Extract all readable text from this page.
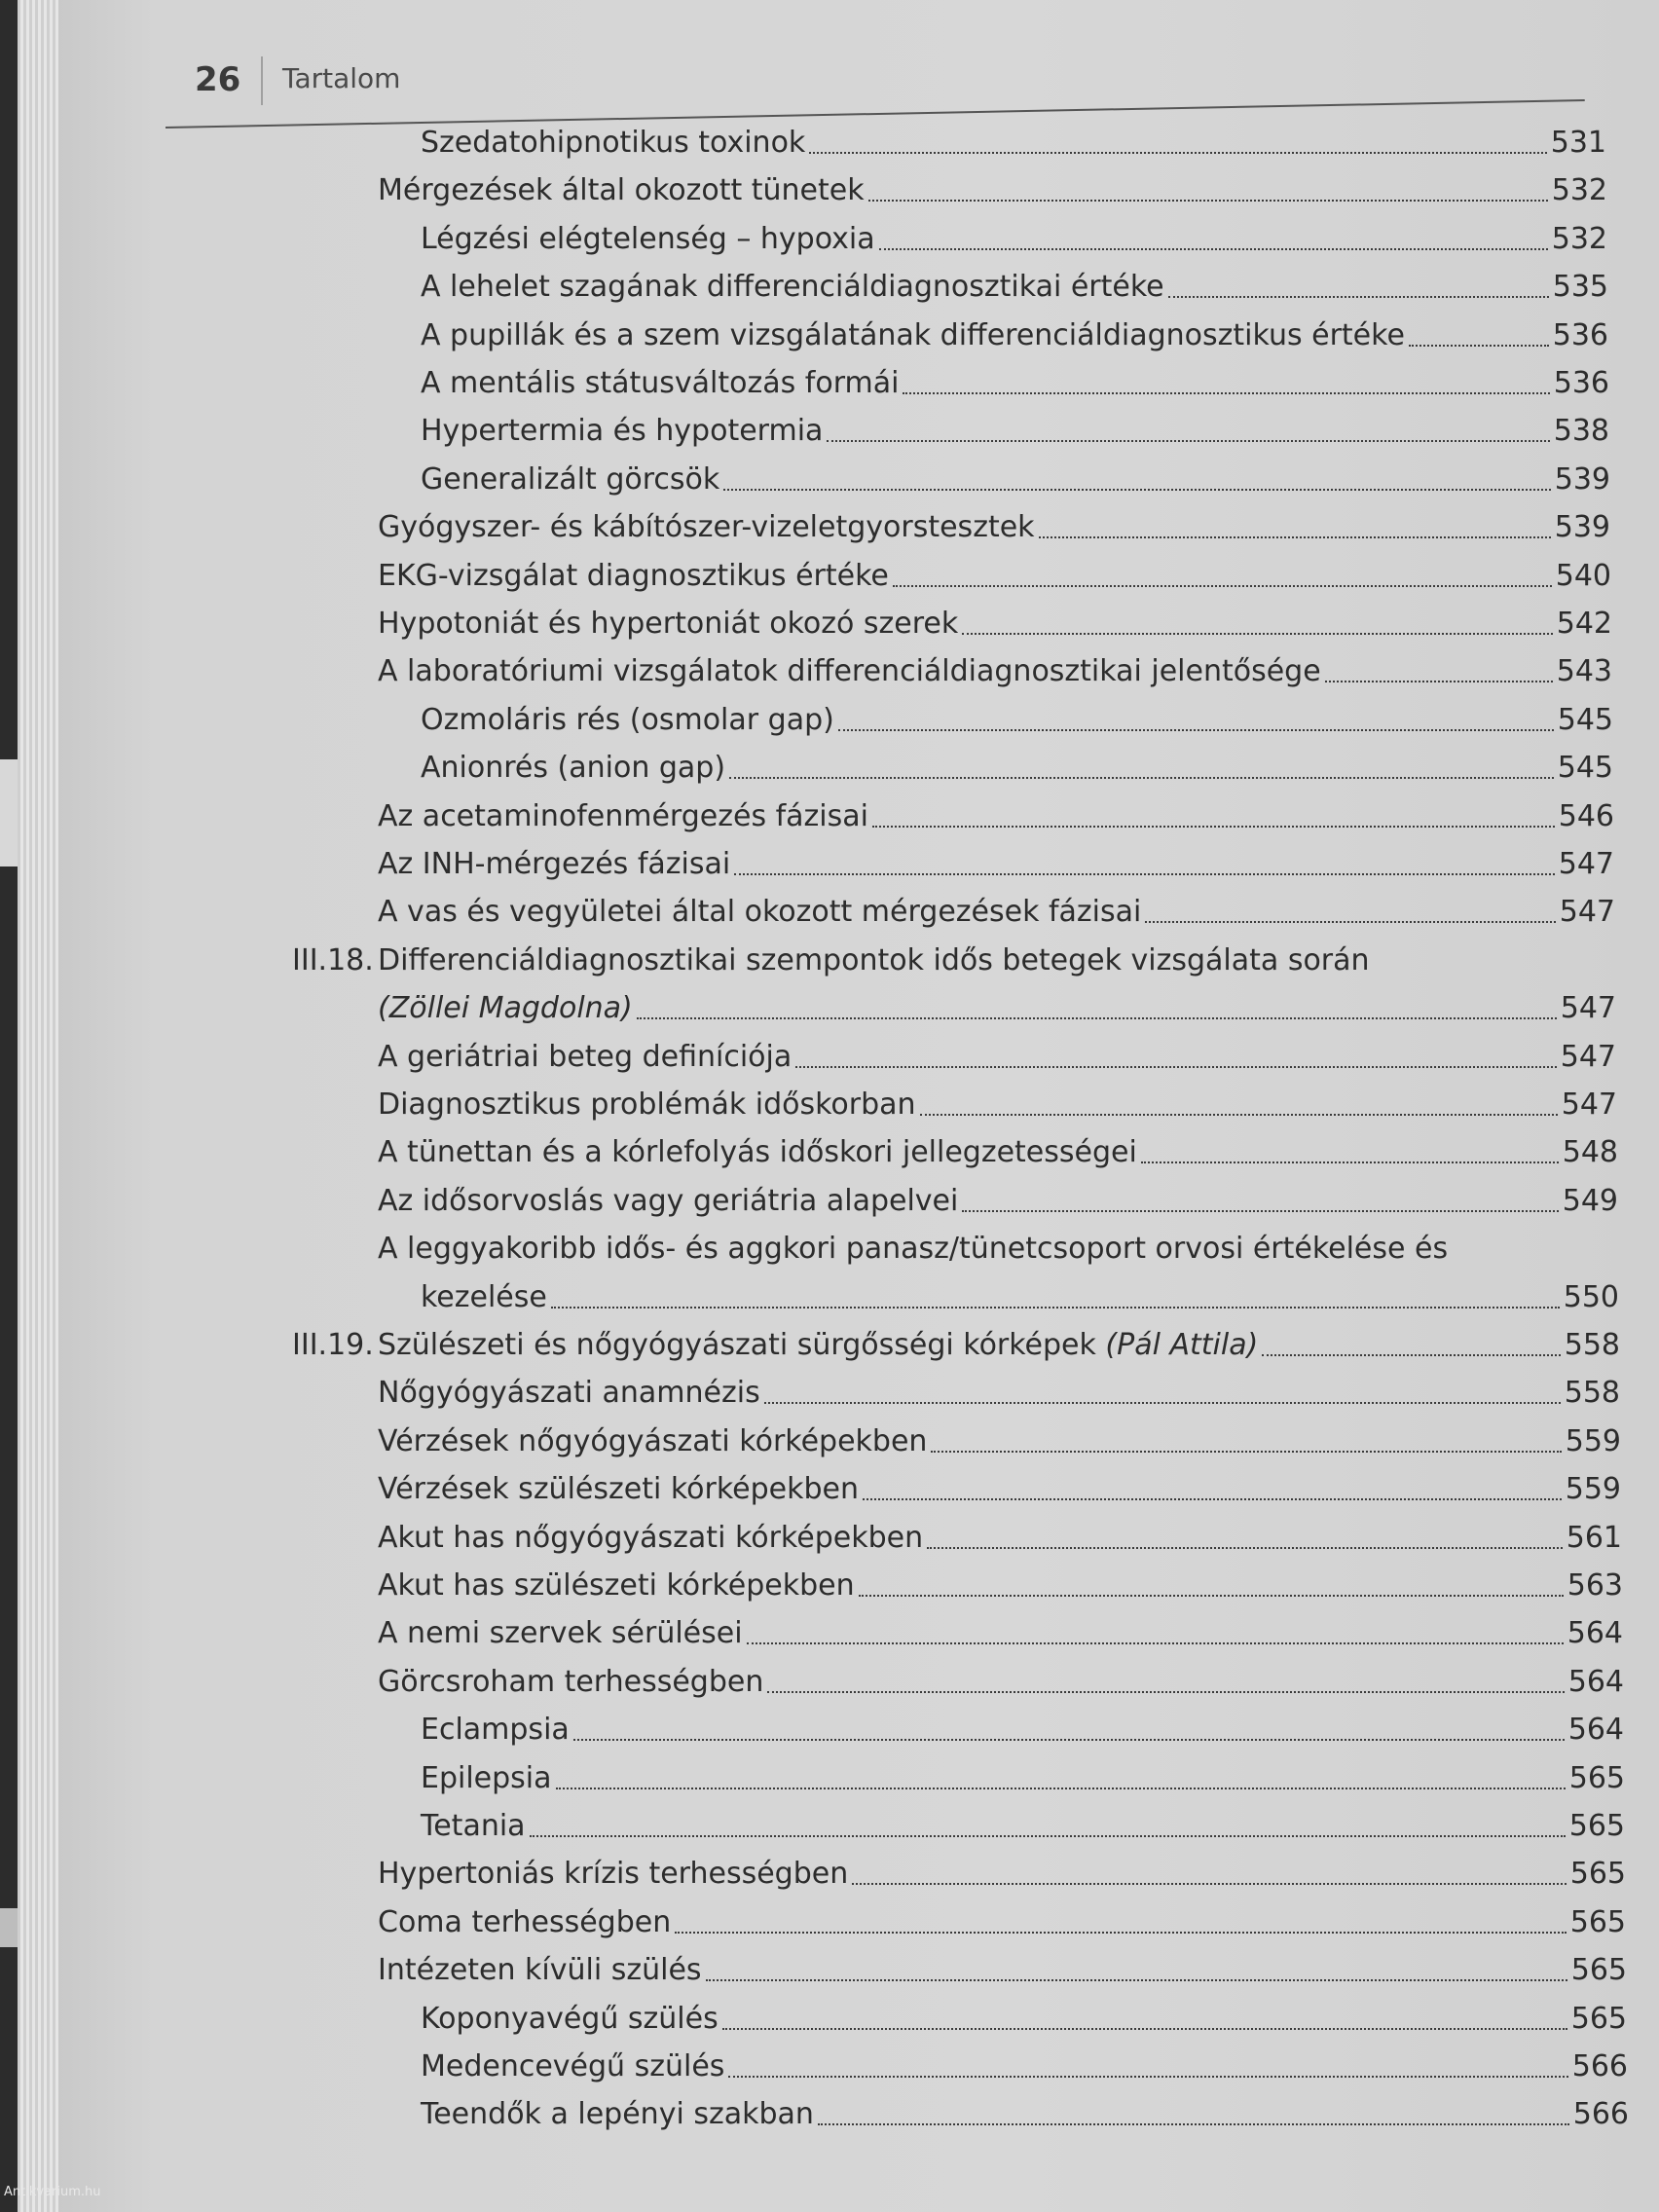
26 Tartalom
Szedatohipnotikus toxinok	531
Mérgezések által okozott tünetek	532
Légzési elégtelenség – hypoxia	532
A lehelet szagának differenciáldiagnosztikai értéke	535
A pupillák és a szem vizsgálatának differenciáldiagnosztikus értéke	536
A mentális státusváltozás formái	536
Hypertermia és hypotermia	538
Generalizált görcsök	539
Gyógyszer- és kábítószer-vizeletgyorstesztek	539
EKG-vizsgálat diagnosztikus értéke	540
Hypotoniát és hypertoniát okozó szerek	542
A laboratóriumi vizsgálatok differenciáldiagnosztikai jelentősége	543
Ozmoláris rés (osmolar gap)	545
Anionrés (anion gap)	545
Az acetaminofenmérgezés fázisai	546
Az INH-mérgezés fázisai	547
A vas és vegyületei által okozott mérgezések fázisai	547
III.18. Differenciáldiagnosztikai szempontok idős betegek vizsgálata során
(Zöllei Magdolna)	547
A geriátriai beteg definíciója	547
Diagnosztikus problémák időskorban	547
A tünettan és a kórlefolyás időskori jellegzetességei	548
Az idősorvoslás vagy geriátria alapelvei	549
A leggyakoribb idős- és aggkori panasz/tünetcsoport orvosi értékelése és
kezelése	550
III.19. Szülészeti és nőgyógyászati sürgősségi kórképek (Pál Attila)	558
Nőgyógyászati anamnézis	558
Vérzések nőgyógyászati kórképekben	559
Vérzések szülészeti kórképekben	559
Akut has nőgyógyászati kórképekben	561
Akut has szülészeti kórképekben	563
A nemi szervek sérülései	564
Görcsroham terhességben	564
Eclampsia	564
Epilepsia	565
Tetania	565
Hypertoniás krízis terhességben	565
Coma terhességben	565
Intézeten kívüli szülés	565
Koponyavégű szülés	565
Medencevégű szülés	566
Teendők a lepényi szakban	566
Antikvarium.hu
